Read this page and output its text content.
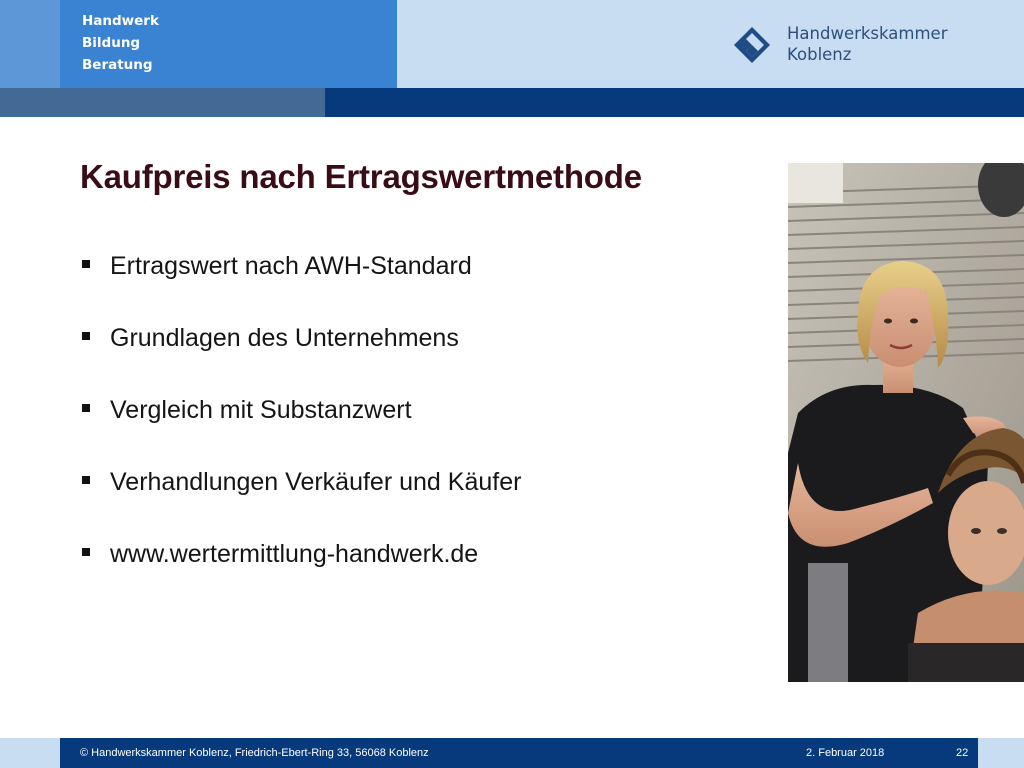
Handwerk
Bildung
Beratung
Handwerkskammer
Koblenz
Kaufpreis nach Ertragswertmethode
Ertragswert nach AWH-Standard
Grundlagen des Unternehmens
Vergleich mit Substanzwert
Verhandlungen Verkäufer und Käufer
www.wertermittlung-handwerk.de
© Handwerkskammer Koblenz, Friedrich-Ebert-Ring 33, 56068 Koblenz	2. Februar 2018	22
